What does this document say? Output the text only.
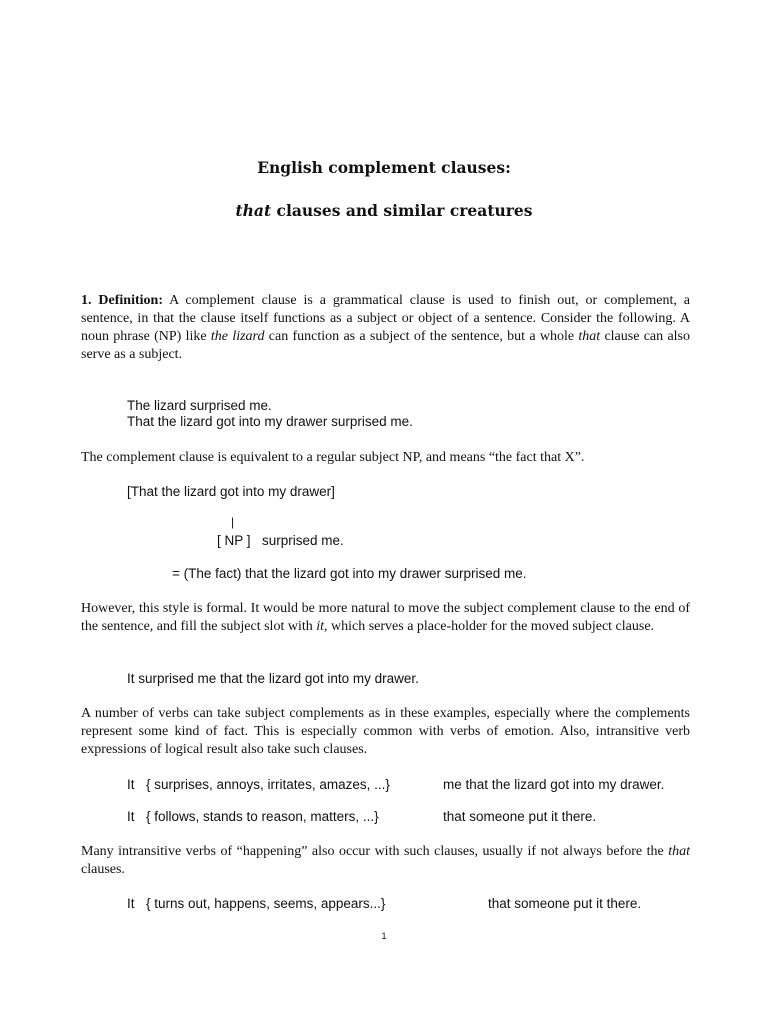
English complement clauses:
that clauses and similar creatures
1. Definition: A complement clause is a grammatical clause is used to finish out, or complement, a sentence, in that the clause itself functions as a subject or object of a sentence. Consider the following. A noun phrase (NP) like the lizard can function as a subject of the sentence, but a whole that clause can also serve as a subject.
The lizard surprised me.
That the lizard got into my drawer surprised me.
The complement clause is equivalent to a regular subject NP, and means “the fact that X”.
[That the lizard got into my drawer]
|
[ NP ] surprised me.
= (The fact) that the lizard got into my drawer surprised me.
However, this style is formal. It would be more natural to move the subject complement clause to the end of the sentence, and fill the subject slot with it, which serves a place-holder for the moved subject clause.
It surprised me that the lizard got into my drawer.
A number of verbs can take subject complements as in these examples, especially where the complements represent some kind of fact. This is especially common with verbs of emotion. Also, intransitive verb expressions of logical result also take such clauses.
It { surprises, annoys, irritates, amazes, ...}	me that the lizard got into my drawer.
It { follows, stands to reason, matters, ...}	that someone put it there.
Many intransitive verbs of “happening” also occur with such clauses, usually if not always before the that clauses.
It { turns out, happens, seems, appears...}	that someone put it there.
1
